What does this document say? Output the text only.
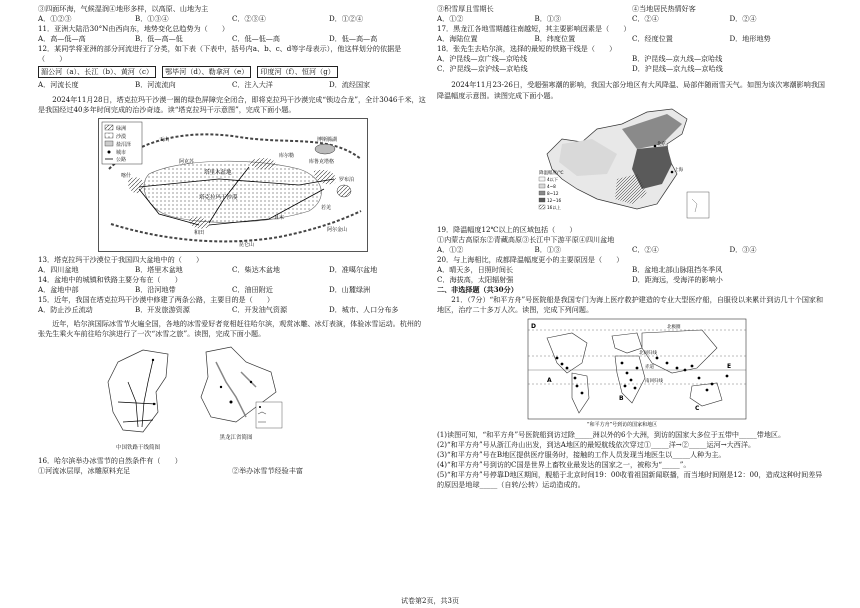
③四面环海，气候湿润④地形多样，以高原、山地为主
A．①②③	B．①③④	C．②③④	D．①②④
11．亚洲大陆沿30°N由西向东，地势变化总趋势为（　　）
A．高—低—高	B．低—高—低	C．低—低—高	D．低—高—高
12．某同学将亚洲的部分河流进行了分类，如下表（下表中，括号内a、b、c、d等字母表示），他这样划分的依据是
（　　）
湄公河（a）、长江（b）、黄河（c）	鄂毕河（d）、勒拿河（e）	印度河（f）、恒河（g）
A．河流长度	B．河流流向	C．注入大洋	D．流经国家
2024年11月28日，塔克拉玛干沙漠一圈的绿色屏障完全闭合，即将克拉玛干沙漠完成“锁边合龙”，全计3046千米，这是我国经过40多年时间完成的治沙奇迹。读“塔克拉玛干示意图”，完成下面小题。
绿洲
沙漠
盐沼泽
城市
公路
塔里木盆地
塔克拉玛干沙漠
喀什
和田
且末
若羌
库尔勒
阿克苏
博斯腾湖
库鲁克塔格
罗布泊
阿尔金山
昆仑山
天山
13．塔克拉玛干沙漠位于我国四大盆地中的（　　）
A．四川盆地	B．塔里木盆地	C．柴达木盆地	D．准噶尔盆地
14．盆地中的城镇和铁路主要分布在（　　）
A．盆地中部	B．沿河地带	C．油田附近	D．山麓绿洲
15．近年，我国在塔克拉玛干沙漠中修建了两条公路，主要目的是（　　）
A．防止沙丘流动	B．开发旅游资源	C．开发油气资源	D．城市、人口分布多
近年，哈尔滨国际冰雪节火遍全国，各地的冰雪爱好者竞相赶往哈尔滨，观赏冰雕、冰灯表演，体验冰雪运动。杭州的张先生乘火车前往哈尔滨进行了一次“冰雪之旅”。读图，完成下面小题。
中国铁路干线简图
黑龙江省简图
16．哈尔滨举办冰雪节的自然条件有（　　）
①河流冰层厚，冰雕原料充足	②举办冰雪节经验丰富
③积雪厚且雪期长	④当地居民热情好客
A．①②	B．①③	C．②④	D．②④
17．黑龙江各地雪期越往南越短，其主要影响因素是（　　）
A．海陆位置	B．纬度位置	C．经度位置	D．地形地势
18．张先生去哈尔滨，选择的最短的铁路干线是（　　）
A．沪昆线—京广线—京哈线	B．沪昆线—京九线—京哈线
C．沪昆线—京沪线—京哈线	D．沪昆线—京九线—京哈线
2024年11月23-26日，受超强寒潮的影响，我国大部分地区有大风降温、局部伴随雨雪天气。如图为该次寒潮影响我国降温幅度示意图。读图完成下面小题。
北京
上海
降温幅度/℃
4以下
4~8
8~12
12~16
16以上
19．降温幅度12℃以上的区域包括（　　）
①内蒙古高原东②青藏高原③长江中下游平原④四川盆地
A．①②	B．①③	C．②④	D．③④
20．与上海相比，成都降温幅度更小的主要原因是（　　）
A．晴天多，日照时间长	B．盆地北部山脉阻挡冬季风
C．海拔高，太阳辐射强	D．距海远，受海洋的影响小
二、非选择题（共30分）
21．（7分）“和平方舟”号医院船是我国专门为海上医疗救护建造的专业大型医疗船，自服役以来累计到访几十个国家和地区，治疗二十多万人次。读图，完成下列问题。
D
A
B
C
E
北回归线
赤道
南回归线
北极圈
“和平方舟”号到访的国家和地区
(1)读图可知，“和平方舟”号医院船到访过除_____洲以外的6个大洲，到访的国家大多位于五带中_____带地区。
(2)“和平方舟”号从浙江舟山出发，到达A地区的最短航线依次穿过①_____洋→②_____运河→大西洋。
(3)“和平方舟”号在B地区提供医疗服务时，接触的工作人员发现当地医生以_____人种为主。
(4)“和平方舟”号到访的C国是世界上畜牧业最发达的国家之一，被称为“_____”。
(5)“和平方舟”号停靠D地区期间，舰船于北京时间19：00收看祖国新闻联播，而当地时间刚是12：00，造成这种时间差异的原因是地球_____（自转/公转）运动造成的。
试卷第2页，共3页
